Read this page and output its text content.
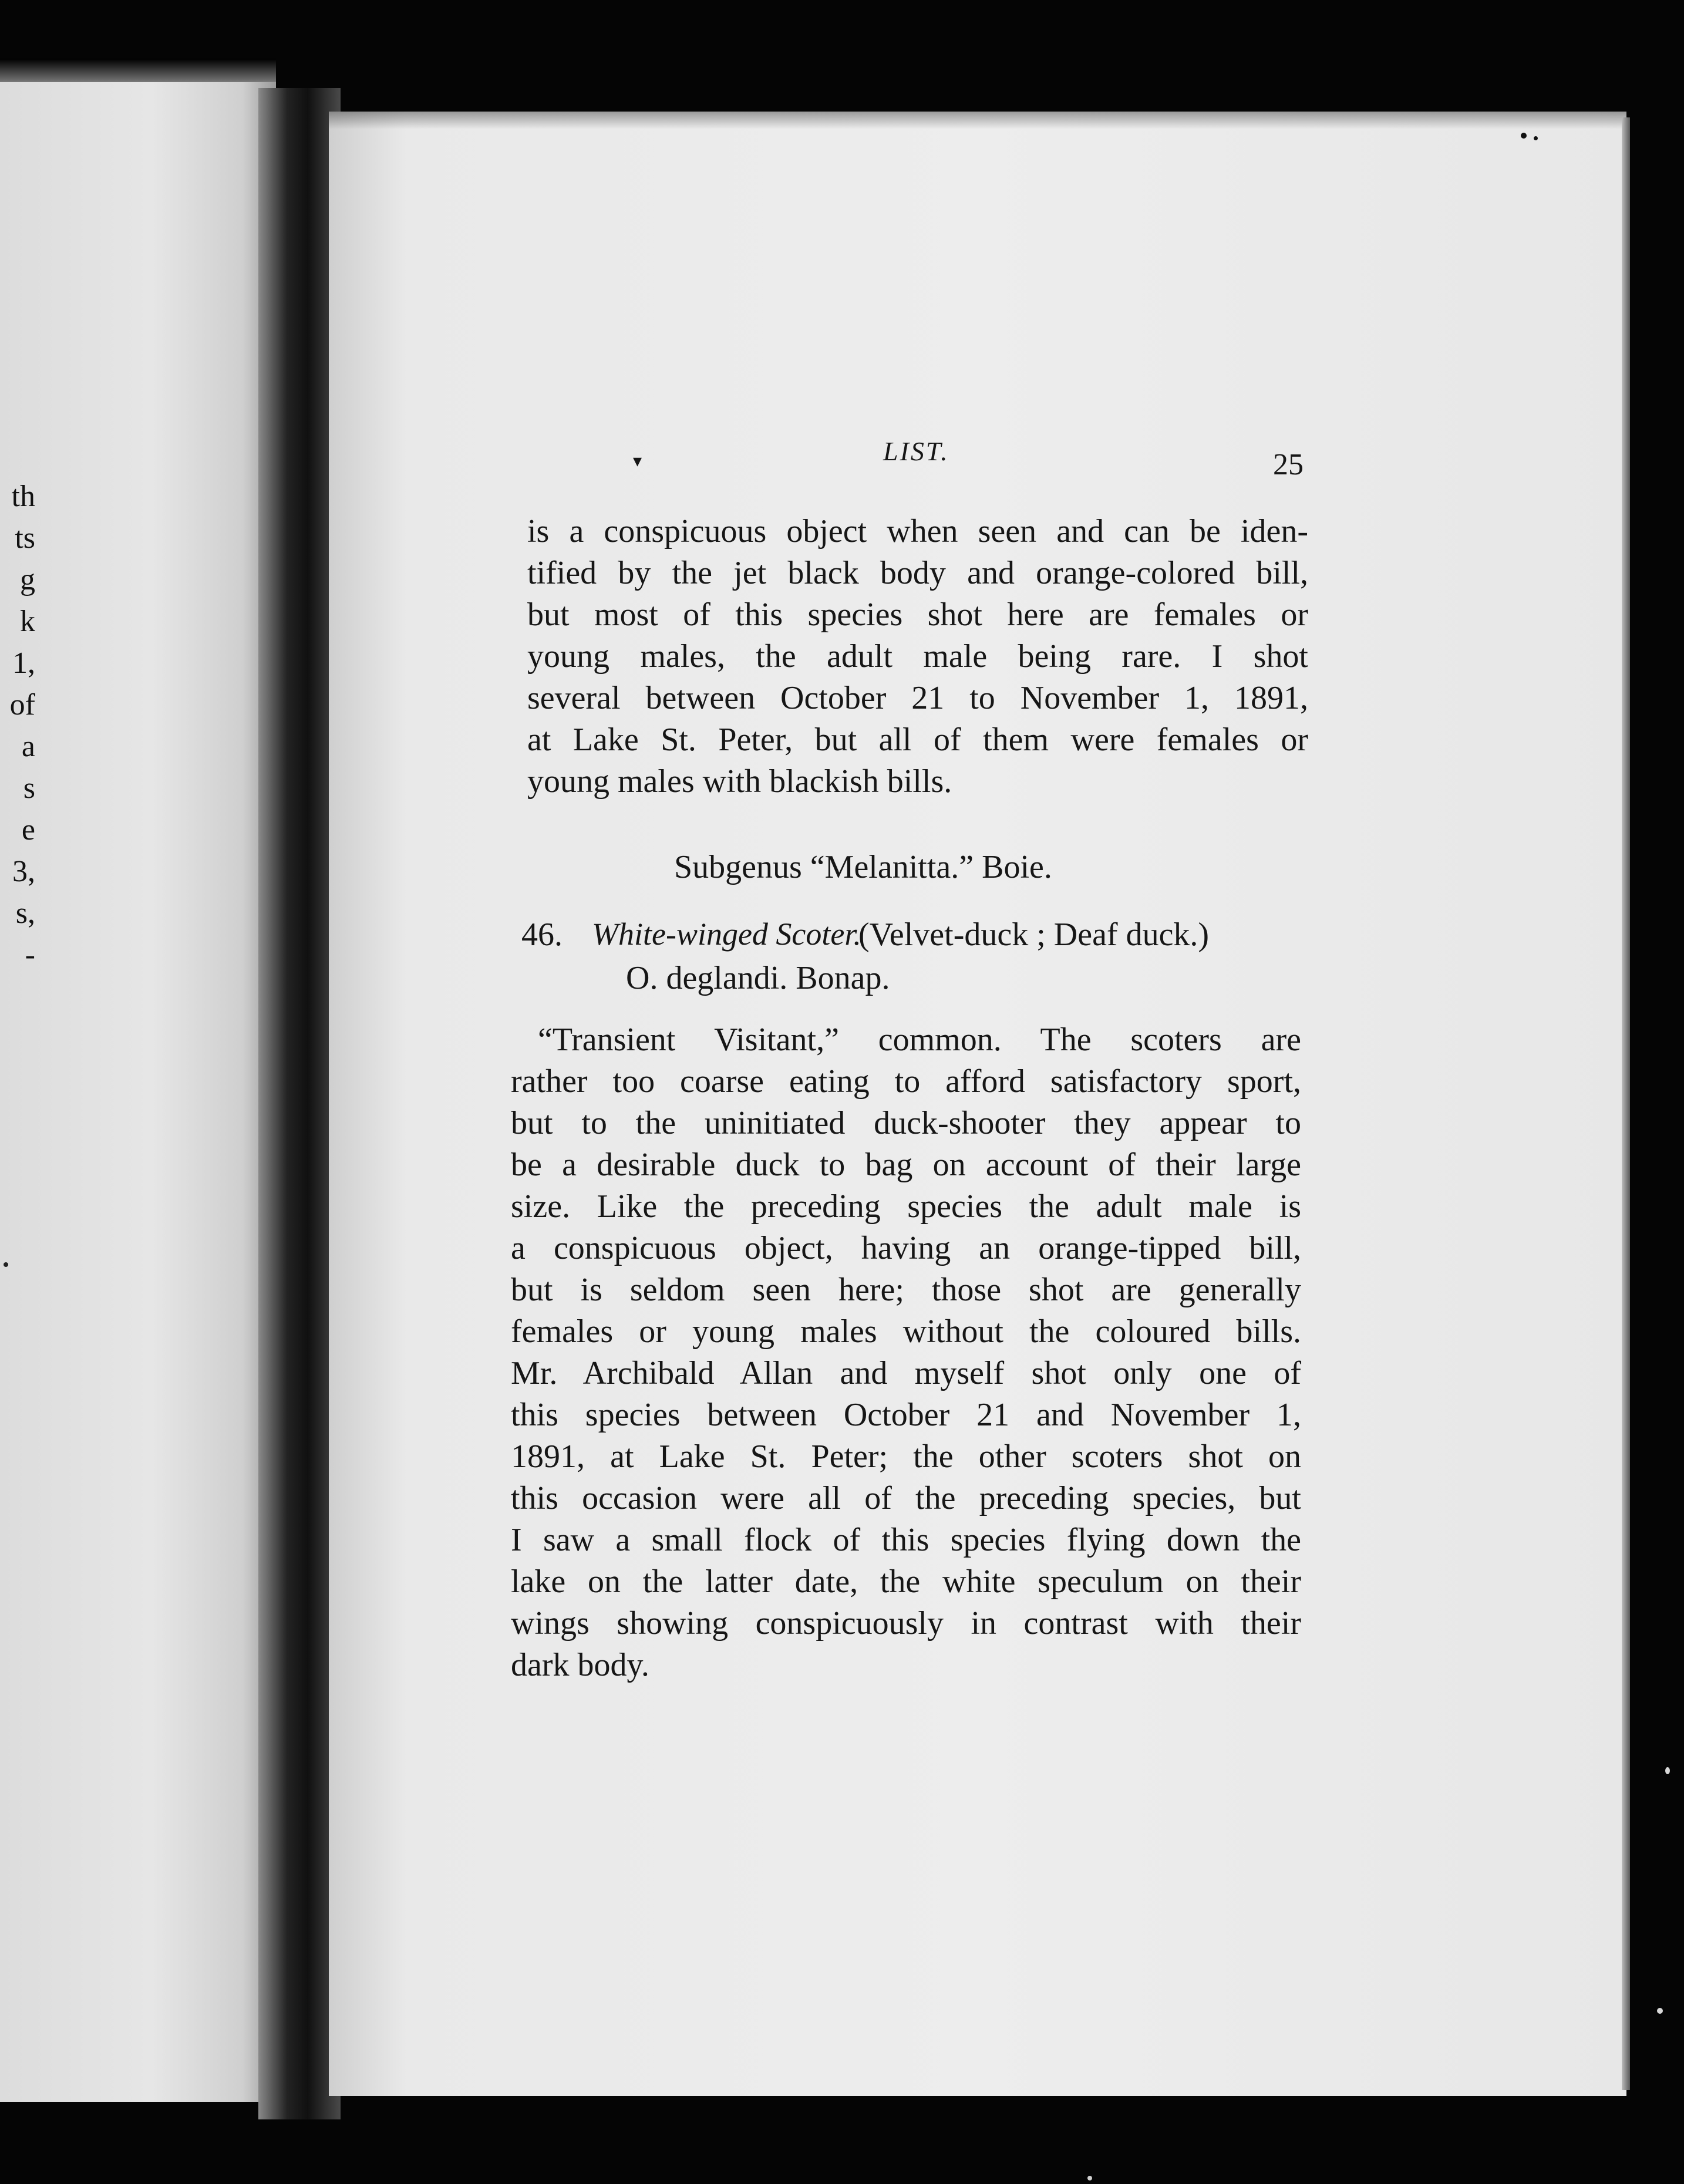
th
ts
g
k
1,
of
a
s
e
3,
s,
-
▾	LIST.	25
is a conspicuous object when seen and can be iden-
tified by the jet black body and orange-colored bill,
but most of this species shot here are females or
young males, the adult male being rare. I shot
several between October 21 to November 1, 1891,
at Lake St. Peter, but all of them were females or
young males with blackish bills.
Subgenus “Melanitta.” Boie.
46. White-winged Scoter.
(Velvet-duck ; Deaf duck.)
O. deglandi. Bonap.
“Transient Visitant,” common. The scoters are
rather too coarse eating to afford satisfactory sport,
but to the uninitiated duck-shooter they appear to
be a desirable duck to bag on account of their large
size. Like the preceding species the adult male is
a conspicuous object, having an orange-tipped bill,
but is seldom seen here; those shot are generally
females or young males without the coloured bills.
Mr. Archibald Allan and myself shot only one of
this species between October 21 and November 1,
1891, at Lake St. Peter; the other scoters shot on
this occasion were all of the preceding species, but
I saw a small flock of this species flying down the
lake on the latter date, the white speculum on their
wings showing conspicuously in contrast with their
dark body.
